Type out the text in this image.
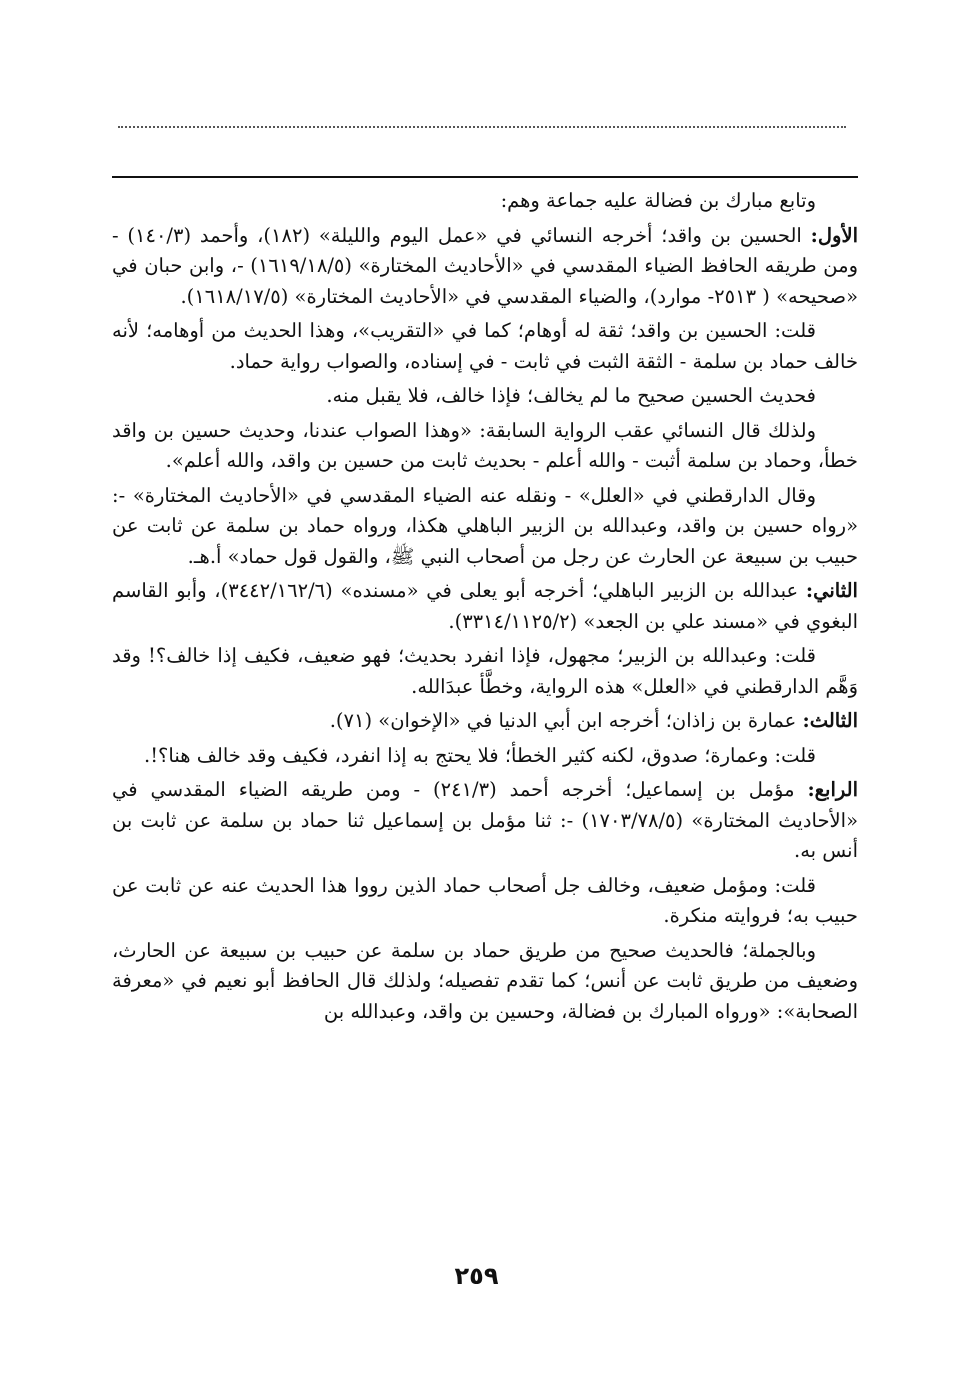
وتابع مبارك بن فضالة عليه جماعة وهم:

الأول: الحسين بن واقد؛ أخرجه النسائي في «عمل اليوم والليلة» (١٨٢)، وأحمد (١٤٠/٣) - ومن طريقه الحافظ الضياء المقدسي في «الأحاديث المختارة» (١٦١٩/١٨/٥) -، وابن حبان في «صحيحه» ( ٢٥١٣- موارد)، والضياء المقدسي في «الأحاديث المختارة» (١٦١٨/١٧/٥).

قلت: الحسين بن واقد؛ ثقة له أوهام؛ كما في «التقريب»، وهذا الحديث من أوهامه؛ لأنه خالف حماد بن سلمة - الثقة الثبت في ثابت - في إسناده، والصواب رواية حماد.

فحديث الحسين صحيح ما لم يخالف؛ فإذا خالف، فلا يقبل منه.

ولذلك قال النسائي عقب الرواية السابقة: «وهذا الصواب عندنا، وحديث حسين بن واقد خطأ، وحماد بن سلمة أثبت - والله أعلم - بحديث ثابت من حسين بن واقد، والله أعلم».

وقال الدارقطني في «العلل» - ونقله عنه الضياء المقدسي في «الأحاديث المختارة» -: «رواه حسين بن واقد، وعبدالله بن الزبير الباهلي هكذا، ورواه حماد بن سلمة عن ثابت عن حبيب بن سبيعة عن الحارث عن رجل من أصحاب النبي ﷺ، والقول قول حماد» أ.هـ.

الثاني: عبدالله بن الزبير الباهلي؛ أخرجه أبو يعلى في «مسنده» (٣٤٤٢/١٦٢/٦)، وأبو القاسم البغوي في «مسند علي بن الجعد» (٣٣١٤/١١٢٥/٢).

قلت: وعبدالله بن الزبير؛ مجهول، فإذا انفرد بحديث؛ فهو ضعيف، فكيف إذا خالف؟! وقد وَهَّم الدارقطني في «العلل» هذه الرواية، وخطَّأ عبدَالله.

الثالث: عمارة بن زاذان؛ أخرجه ابن أبي الدنيا في «الإخوان» (٧١).

قلت: وعمارة؛ صدوق، لكنه كثير الخطأ؛ فلا يحتج به إذا انفرد، فكيف وقد خالف هنا؟!.

الرابع: مؤمل بن إسماعيل؛ أخرجه أحمد (٢٤١/٣) - ومن طريقه الضياء المقدسي في «الأحاديث المختارة» (١٧٠٣/٧٨/٥) -: ثنا مؤمل بن إسماعيل ثنا حماد بن سلمة عن ثابت بن أنس به.

قلت: ومؤمل ضعيف، وخالف جل أصحاب حماد الذين رووا هذا الحديث عنه عن ثابت عن حبيب به؛ فروايته منكرة.

وبالجملة؛ فالحديث صحيح من طريق حماد بن سلمة عن حبيب بن سبيعة عن الحارث، وضعيف من طريق ثابت عن أنس؛ كما تقدم تفصيله؛ ولذلك قال الحافظ أبو نعيم في «معرفة الصحابة»: «ورواه المبارك بن فضالة، وحسين بن واقد، وعبدالله بن

٢٥٩
